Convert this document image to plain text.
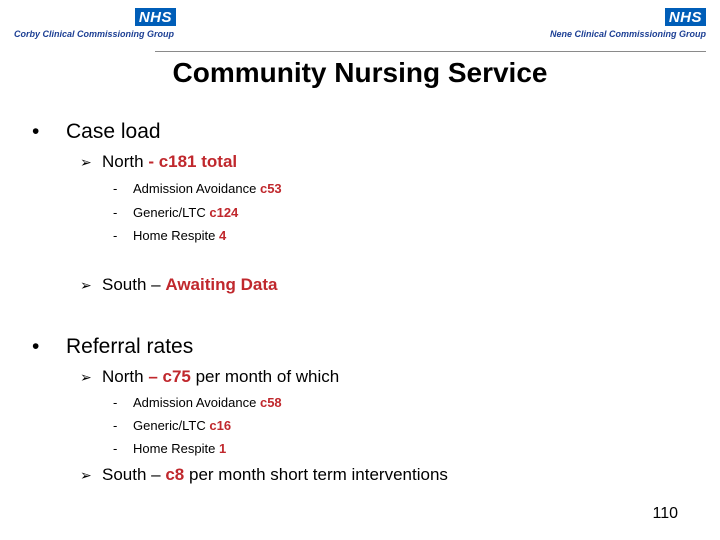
NHS
Corby Clinical Commissioning Group
NHS
Nene Clinical Commissioning Group
Community Nursing Service
• Case load
➢ North - c181 total
- Admission Avoidance c53
- Generic/LTC c124
- Home Respite 4
➢ South – Awaiting Data
• Referral rates
➢ North – c75 per month of which
- Admission Avoidance c58
- Generic/LTC c16
- Home Respite 1
➢ South – c8 per month short term interventions
110
